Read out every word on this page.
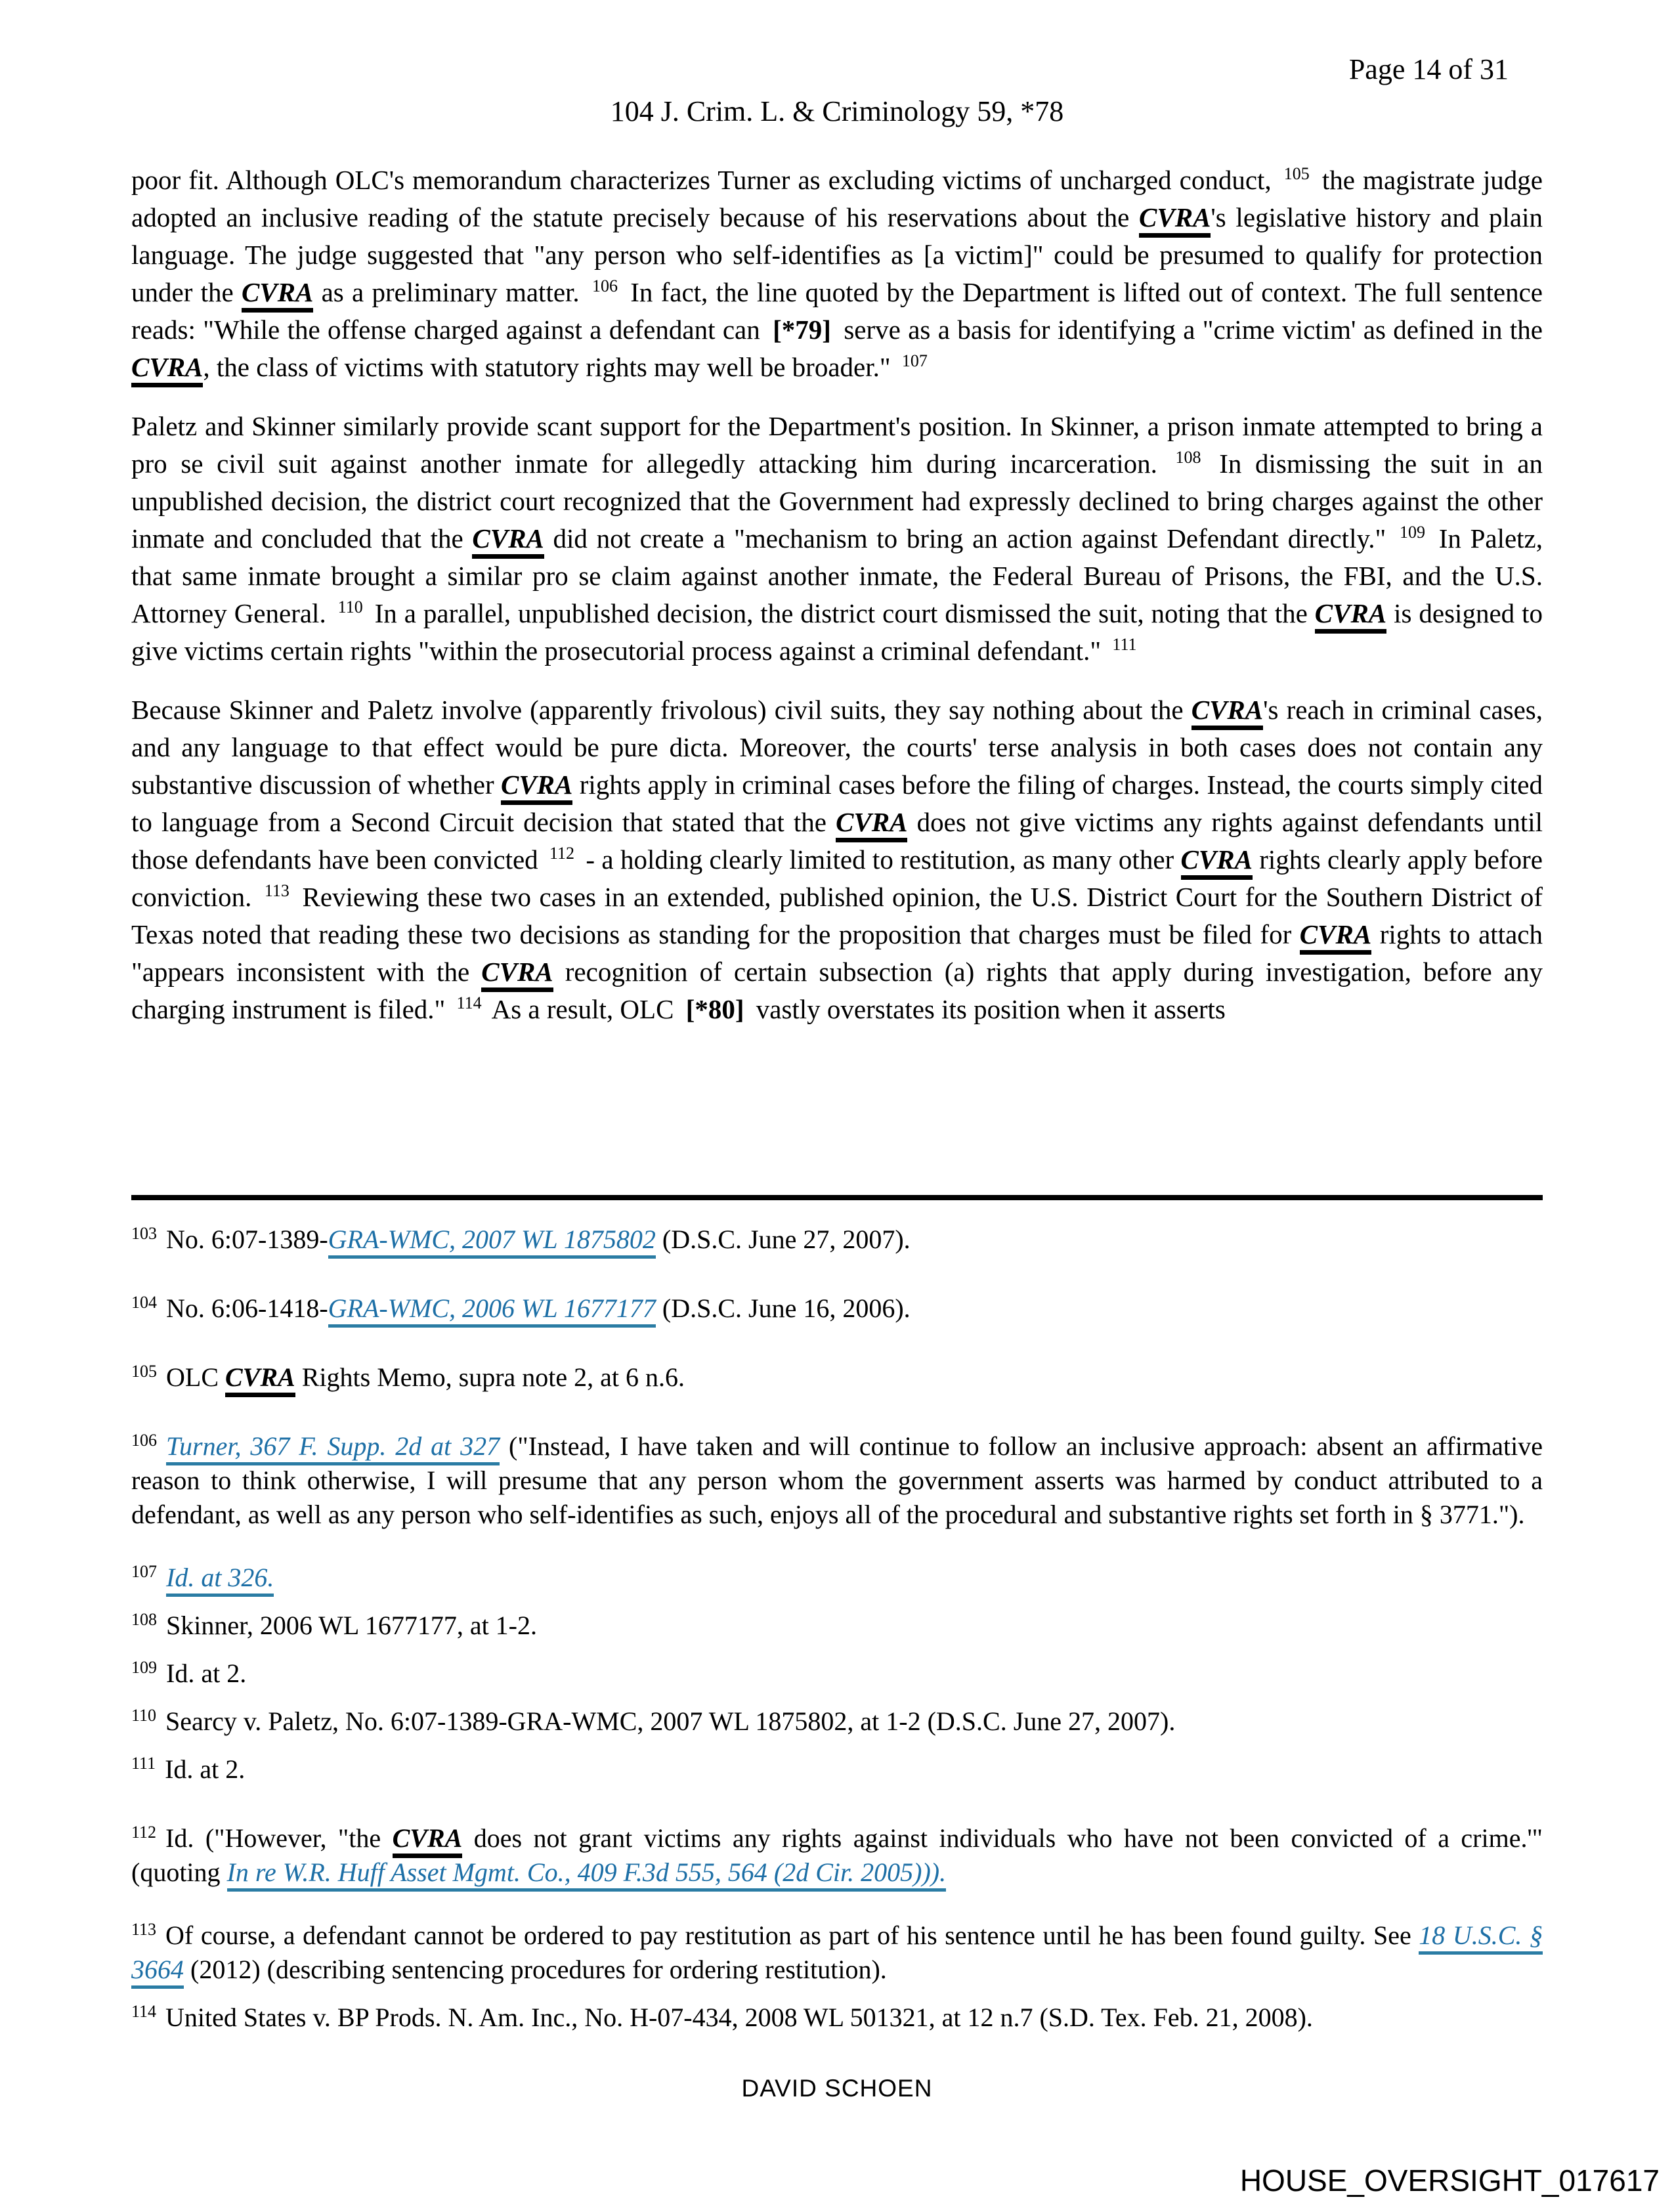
Page 14 of 31
104 J. Crim. L. & Criminology 59, *78

poor fit. Although OLC's memorandum characterizes Turner as excluding victims of uncharged conduct, $^{105}$ the magistrate judge adopted an inclusive reading of the statute precisely because of his reservations about the CVRA's legislative history and plain language. The judge suggested that "any person who self-identifies as [a victim]" could be presumed to qualify for protection under the CVRA as a preliminary matter. $^{106}$ In fact, the line quoted by the Department is lifted out of context. The full sentence reads: "While the offense charged against a defendant can [*79] serve as a basis for identifying a "crime victim' as defined in the CVRA, the class of victims with statutory rights may well be broader." $^{107}$

Paletz and Skinner similarly provide scant support for the Department's position. In Skinner, a prison inmate attempted to bring a pro se civil suit against another inmate for allegedly attacking him during incarceration. $^{108}$ In dismissing the suit in an unpublished decision, the district court recognized that the Government had expressly declined to bring charges against the other inmate and concluded that the CVRA did not create a "mechanism to bring an action against Defendant directly." $^{109}$ In Paletz, that same inmate brought a similar pro se claim against another inmate, the Federal Bureau of Prisons, the FBI, and the U.S. Attorney General. $^{110}$ In a parallel, unpublished decision, the district court dismissed the suit, noting that the CVRA is designed to give victims certain rights "within the prosecutorial process against a criminal defendant." $^{111}$

Because Skinner and Paletz involve (apparently frivolous) civil suits, they say nothing about the CVRA's reach in criminal cases, and any language to that effect would be pure dicta. Moreover, the courts' terse analysis in both cases does not contain any substantive discussion of whether CVRA rights apply in criminal cases before the filing of charges. Instead, the courts simply cited to language from a Second Circuit decision that stated that the CVRA does not give victims any rights against defendants until those defendants have been convicted $^{112}$ - a holding clearly limited to restitution, as many other CVRA rights clearly apply before conviction. $^{113}$ Reviewing these two cases in an extended, published opinion, the U.S. District Court for the Southern District of Texas noted that reading these two decisions as standing for the proposition that charges must be filed for CVRA rights to attach "appears inconsistent with the CVRA recognition of certain subsection (a) rights that apply during investigation, before any charging instrument is filed." $^{114}$ As a result, OLC [*80] vastly overstates its position when it asserts

$^{103}$ No. 6:07-1389-GRA-WMC, 2007 WL 1875802 (D.S.C. June 27, 2007).
$^{104}$ No. 6:06-1418-GRA-WMC, 2006 WL 1677177 (D.S.C. June 16, 2006).
$^{105}$ OLC CVRA Rights Memo, supra note 2, at 6 n.6.
$^{106}$ Turner, 367 F. Supp. 2d at 327 ("Instead, I have taken and will continue to follow an inclusive approach: absent an affirmative reason to think otherwise, I will presume that any person whom the government asserts was harmed by conduct attributed to a defendant, as well as any person who self-identifies as such, enjoys all of the procedural and substantive rights set forth in § 3771.").
$^{107}$ Id. at 326.
$^{108}$ Skinner, 2006 WL 1677177, at 1-2.
$^{109}$ Id. at 2.
$^{110}$ Searcy v. Paletz, No. 6:07-1389-GRA-WMC, 2007 WL 1875802, at 1-2 (D.S.C. June 27, 2007).
$^{111}$ Id. at 2.
$^{112}$ Id. ("However, "the CVRA does not grant victims any rights against individuals who have not been convicted of a crime.'" (quoting In re W.R. Huff Asset Mgmt. Co., 409 F.3d 555, 564 (2d Cir. 2005))).
$^{113}$ Of course, a defendant cannot be ordered to pay restitution as part of his sentence until he has been found guilty. See 18 U.S.C. § 3664 (2012) (describing sentencing procedures for ordering restitution).
$^{114}$ United States v. BP Prods. N. Am. Inc., No. H-07-434, 2008 WL 501321, at 12 n.7 (S.D. Tex. Feb. 21, 2008).
DAVID SCHOEN
HOUSE_OVERSIGHT_017617
